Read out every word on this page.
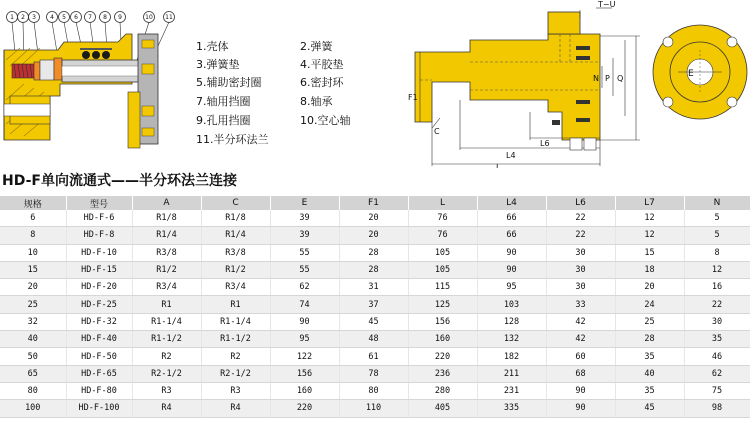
1 2 3 4 5 6 7 8 9	10 11
T−U
N P Q
F1
C
L6
L4
L
E
1.壳体	2.弹簧
3.弹簧垫	4.平胶垫
5.辅助密封圈	6.密封环
7.轴用挡圈	8.轴承
9.孔用挡圈	10.空心轴
11.半分环法兰
HD-F单向流通式——半分环法兰连接
规格	型号	A	C	E	F1	L	L4	L6	L7	N
6	HD-F-6	R1/8	R1/8	39	20	76	66	22	12	5
8	HD-F-8	R1/4	R1/4	39	20	76	66	22	12	5
10	HD-F-10	R3/8	R3/8	55	28	105	90	30	15	8
15	HD-F-15	R1/2	R1/2	55	28	105	90	30	18	12
20	HD-F-20	R3/4	R3/4	62	31	115	95	30	20	16
25	HD-F-25	R1	R1	74	37	125	103	33	24	22
32	HD-F-32	R1-1/4	R1-1/4	90	45	156	128	42	25	30
40	HD-F-40	R1-1/2	R1-1/2	95	48	160	132	42	28	35
50	HD-F-50	R2	R2	122	61	220	182	60	35	46
65	HD-F-65	R2-1/2	R2-1/2	156	78	236	211	68	40	62
80	HD-F-80	R3	R3	160	80	280	231	90	35	75
100	HD-F-100	R4	R4	220	110	405	335	90	45	98
